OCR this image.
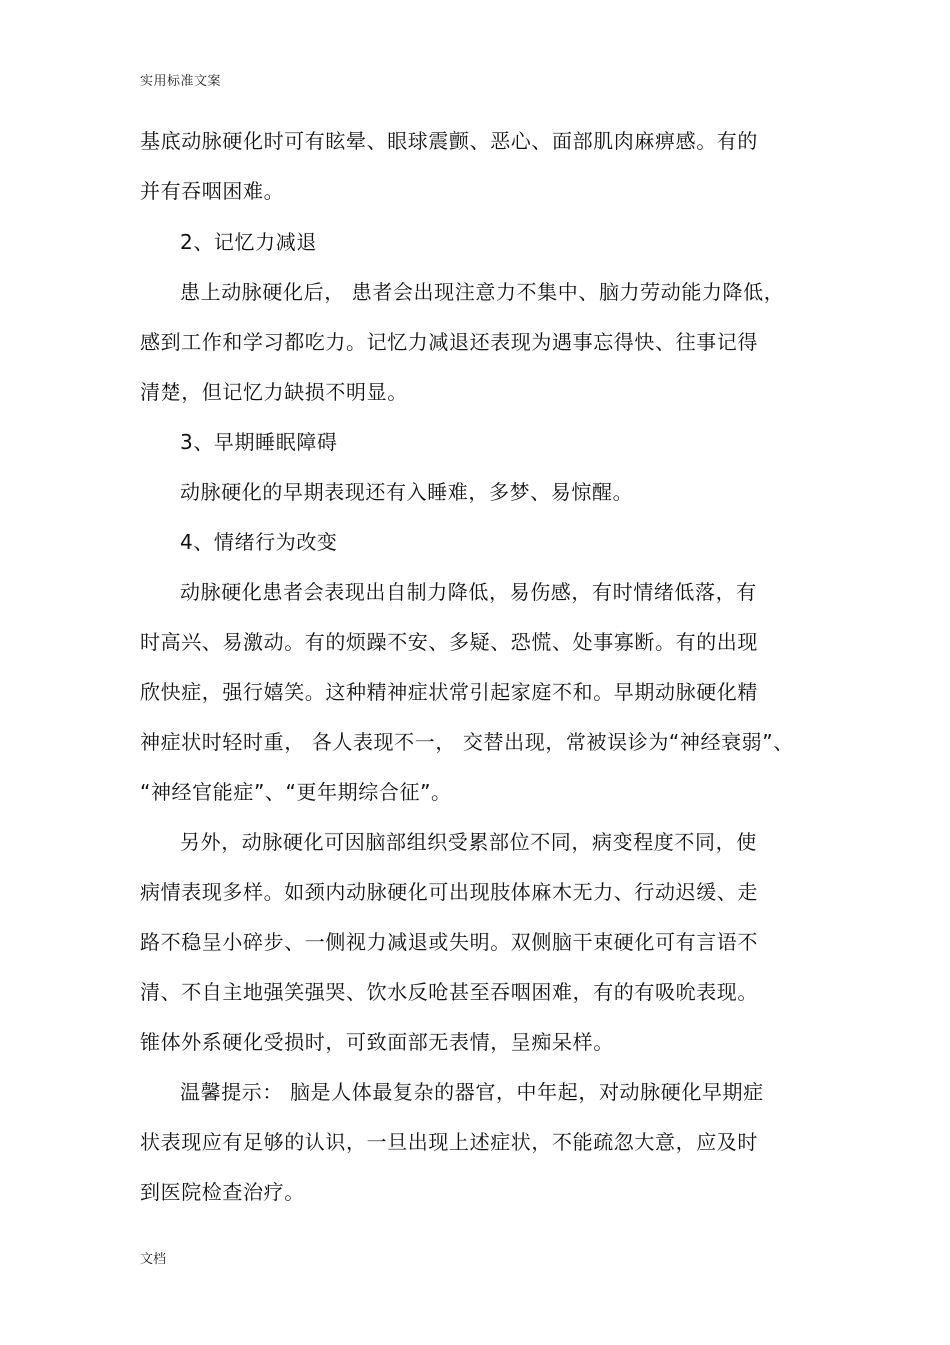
实用标准文案
基底动脉硬化时可有眩晕、眼球震颤、恶心、面部肌肉麻痹感。有的
并有吞咽困难。
2、记忆力减退
患上动脉硬化后， 患者会出现注意力不集中、脑力劳动能力降低，
感到工作和学习都吃力。记忆力减退还表现为遇事忘得快、往事记得
清楚，但记忆力缺损不明显。
3、早期睡眠障碍
动脉硬化的早期表现还有入睡难，多梦、易惊醒。
4、情绪行为改变
动脉硬化患者会表现出自制力降低，易伤感，有时情绪低落，有
时高兴、易激动。有的烦躁不安、多疑、恐慌、处事寡断。有的出现
欣快症，强行嬉笑。这种精神症状常引起家庭不和。早期动脉硬化精
神症状时轻时重， 各人表现不一， 交替出现，常被误诊为“神经衰弱”、
“神经官能症”、“更年期综合征”。
另外，动脉硬化可因脑部组织受累部位不同，病变程度不同，使
病情表现多样。如颈内动脉硬化可出现肢体麻木无力、行动迟缓、走
路不稳呈小碎步、一侧视力减退或失明。双侧脑干束硬化可有言语不
清、不自主地强笑强哭、饮水反呛甚至吞咽困难，有的有吸吮表现。
锥体外系硬化受损时，可致面部无表情，呈痴呆样。
温馨提示： 脑是人体最复杂的器官，中年起，对动脉硬化早期症
状表现应有足够的认识，一旦出现上述症状，不能疏忽大意，应及时
到医院检查治疗。
文档
